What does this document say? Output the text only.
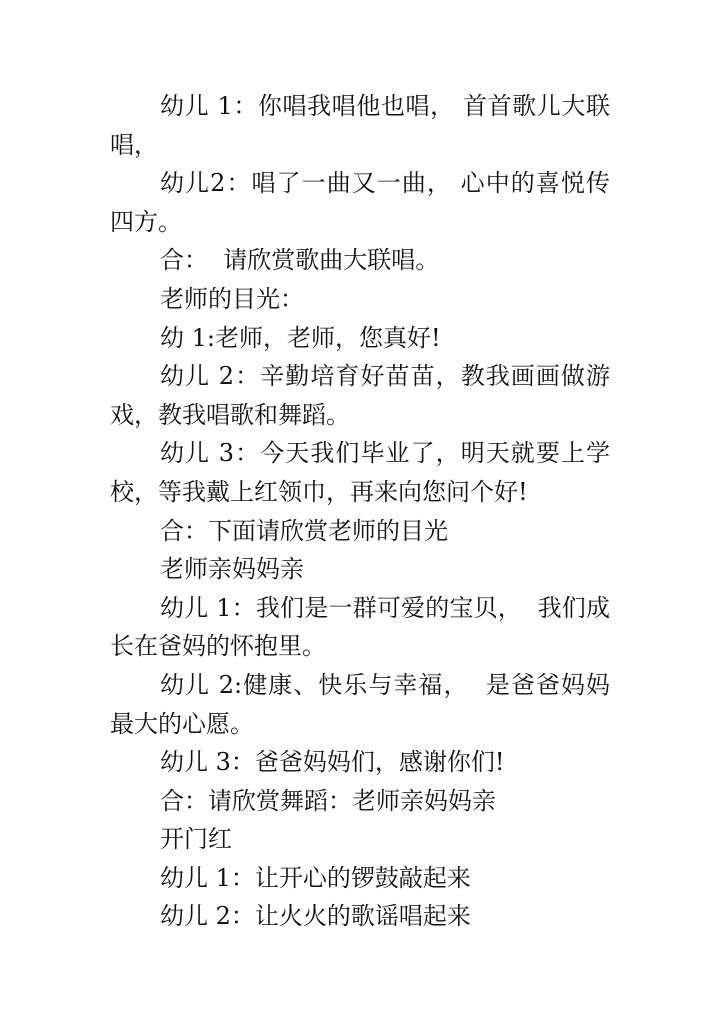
幼儿 1：你唱我唱他也唱， 首首歌儿大联唱，

幼儿2：唱了一曲又一曲， 心中的喜悦传四方。

合：  请欣赏歌曲大联唱。

老师的目光：

幼 1:老师，老师，您真好!

幼儿 2：辛勤培育好苗苗，教我画画做游戏，教我唱歌和舞蹈。

幼儿 3：今天我们毕业了，明天就要上学校，等我戴上红领巾，再来向您问个好!

合：下面请欣赏老师的目光

老师亲妈妈亲

幼儿 1：我们是一群可爱的宝贝，  我们成长在爸妈的怀抱里。

幼儿 2:健康、快乐与幸福，  是爸爸妈妈最大的心愿。

幼儿 3：爸爸妈妈们，感谢你们!

合：请欣赏舞蹈：老师亲妈妈亲

开门红

幼儿 1：让开心的锣鼓敲起来

幼儿 2：让火火的歌谣唱起来
